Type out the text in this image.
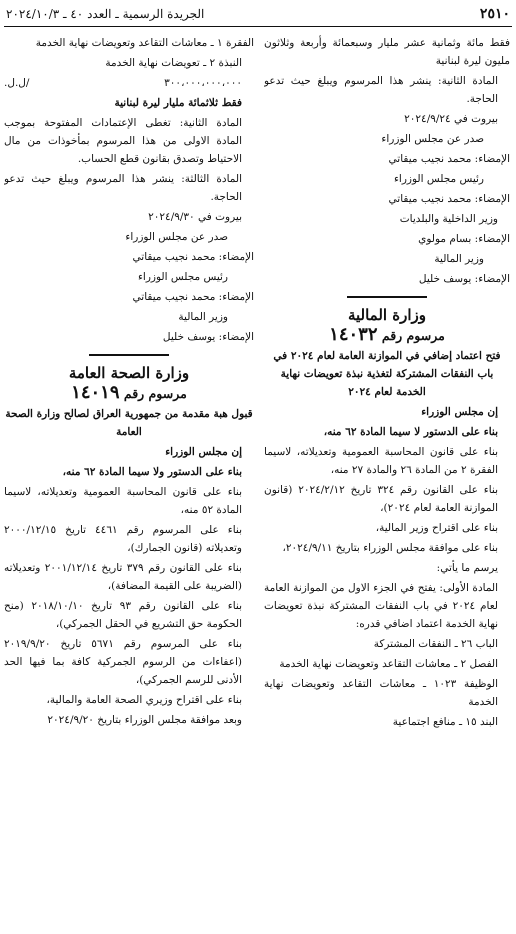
٢٥١٠
الجريدة الرسمية ـ العدد ٤٠ ـ ٢٠٢٤/١٠/٣

فقط مائة وثمانية عشر مليار وسبعمائة وأربعة وثلاثون مليون ليرة لبنانية

المادة الثانية: ينشر هذا المرسوم ويبلغ حيث تدعو الحاجة.

بيروت في ٢٠٢٤/٩/٢٤

صدر عن مجلس الوزراء

الإمضاء: محمد نجيب ميقاتي

رئيس مجلس الوزراء

الإمضاء: محمد نجيب ميقاتي

وزير الداخلية والبلديات

الإمضاء: بسام مولوي

وزير المالية

الإمضاء: يوسف خليل

وزارة المالية
مرسوم رقم ١٤٠٣٢

فتح اعتماد إضافي في الموازنة العامة لعام ٢٠٢٤ في باب النفقات المشتركة لتغذية نبذة تعويضات نهاية الخدمة لعام ٢٠٢٤

إن مجلس الوزراء

بناء على الدستور لا سيما المادة ٦٢ منه،

بناء على قانون المحاسبة العمومية وتعديلاته، لاسيما الفقرة ٢ من المادة ٢٦ والمادة ٢٧ منه،

بناء على القانون رقم ٣٢٤ تاريخ ٢٠٢٤/٢/١٢ (قانون الموازنة العامة لعام ٢٠٢٤)،

بناء على اقتراح وزير المالية،

بناء على موافقة مجلس الوزراء بتاريخ ٢٠٢٤/٩/١١،

يرسم ما يأتي:

المادة الأولى: يفتح في الجزء الاول من الموازنة العامة لعام ٢٠٢٤ في باب النفقات المشتركة نبذة تعويضات نهاية الخدمة اعتماد اضافي قدره:

الباب ٢٦ ـ النفقات المشتركة

الفصل ٢ ـ معاشات التقاعد وتعويضات نهاية الخدمة

الوظيفة ١٠٢٣ ـ معاشات التقاعد وتعويضات نهاية الخدمة

البند ١٥ ـ منافع اجتماعية

الفقرة ١ ـ معاشات التقاعد وتعويضات نهاية الخدمة

النبذة ٢ ـ تعويضات نهاية الخدمة

٣٠٠،٠٠٠،٠٠٠،٠٠٠
/ل.ل.

فقط ثلاثمائة مليار ليرة لبنانية

المادة الثانية: تغطى الإعتمادات المفتوحة بموجب المادة الاولى من هذا المرسوم بمأخوذات من مال الاحتياط وتصدق بقانون قطع الحساب.

المادة الثالثة: ينشر هذا المرسوم ويبلغ حيث تدعو الحاجة.

بيروت في ٢٠٢٤/٩/٣٠

صدر عن مجلس الوزراء

الإمضاء: محمد نجيب ميقاتي

رئيس مجلس الوزراء

الإمضاء: محمد نجيب ميقاتي

وزير المالية

الإمضاء: يوسف خليل

وزارة الصحة العامة
مرسوم رقم ١٤٠١٩

قبول هبة مقدمة من جمهورية العراق لصالح وزارة الصحة العامة

إن مجلس الوزراء

بناء على الدستور ولا سيما المادة ٦٢ منه،

بناء على قانون المحاسبة العمومية وتعديلاته، لاسيما المادة ٥٢ منه،

بناء على المرسوم رقم ٤٤٦١ تاريخ ٢٠٠٠/١٢/١٥ وتعديلاته (قانون الجمارك)،

بناء على القانون رقم ٣٧٩ تاريخ ٢٠٠١/١٢/١٤ وتعديلاته (الضريبة على القيمة المضافة)،

بناء على القانون رقم ٩٣ تاريخ ٢٠١٨/١٠/١٠ (منح الحكومة حق التشريع في الحقل الجمركي)،

بناء على المرسوم رقم ٥٦٧١ تاريخ ٢٠١٩/٩/٢٠ (اعفاءات من الرسوم الجمركية كافة بما فيها الحد الأدنى للرسم الجمركي)،

بناء على اقتراح وزيري الصحة العامة والمالية،

وبعد موافقة مجلس الوزراء بتاريخ ٢٠٢٤/٩/٢٠
